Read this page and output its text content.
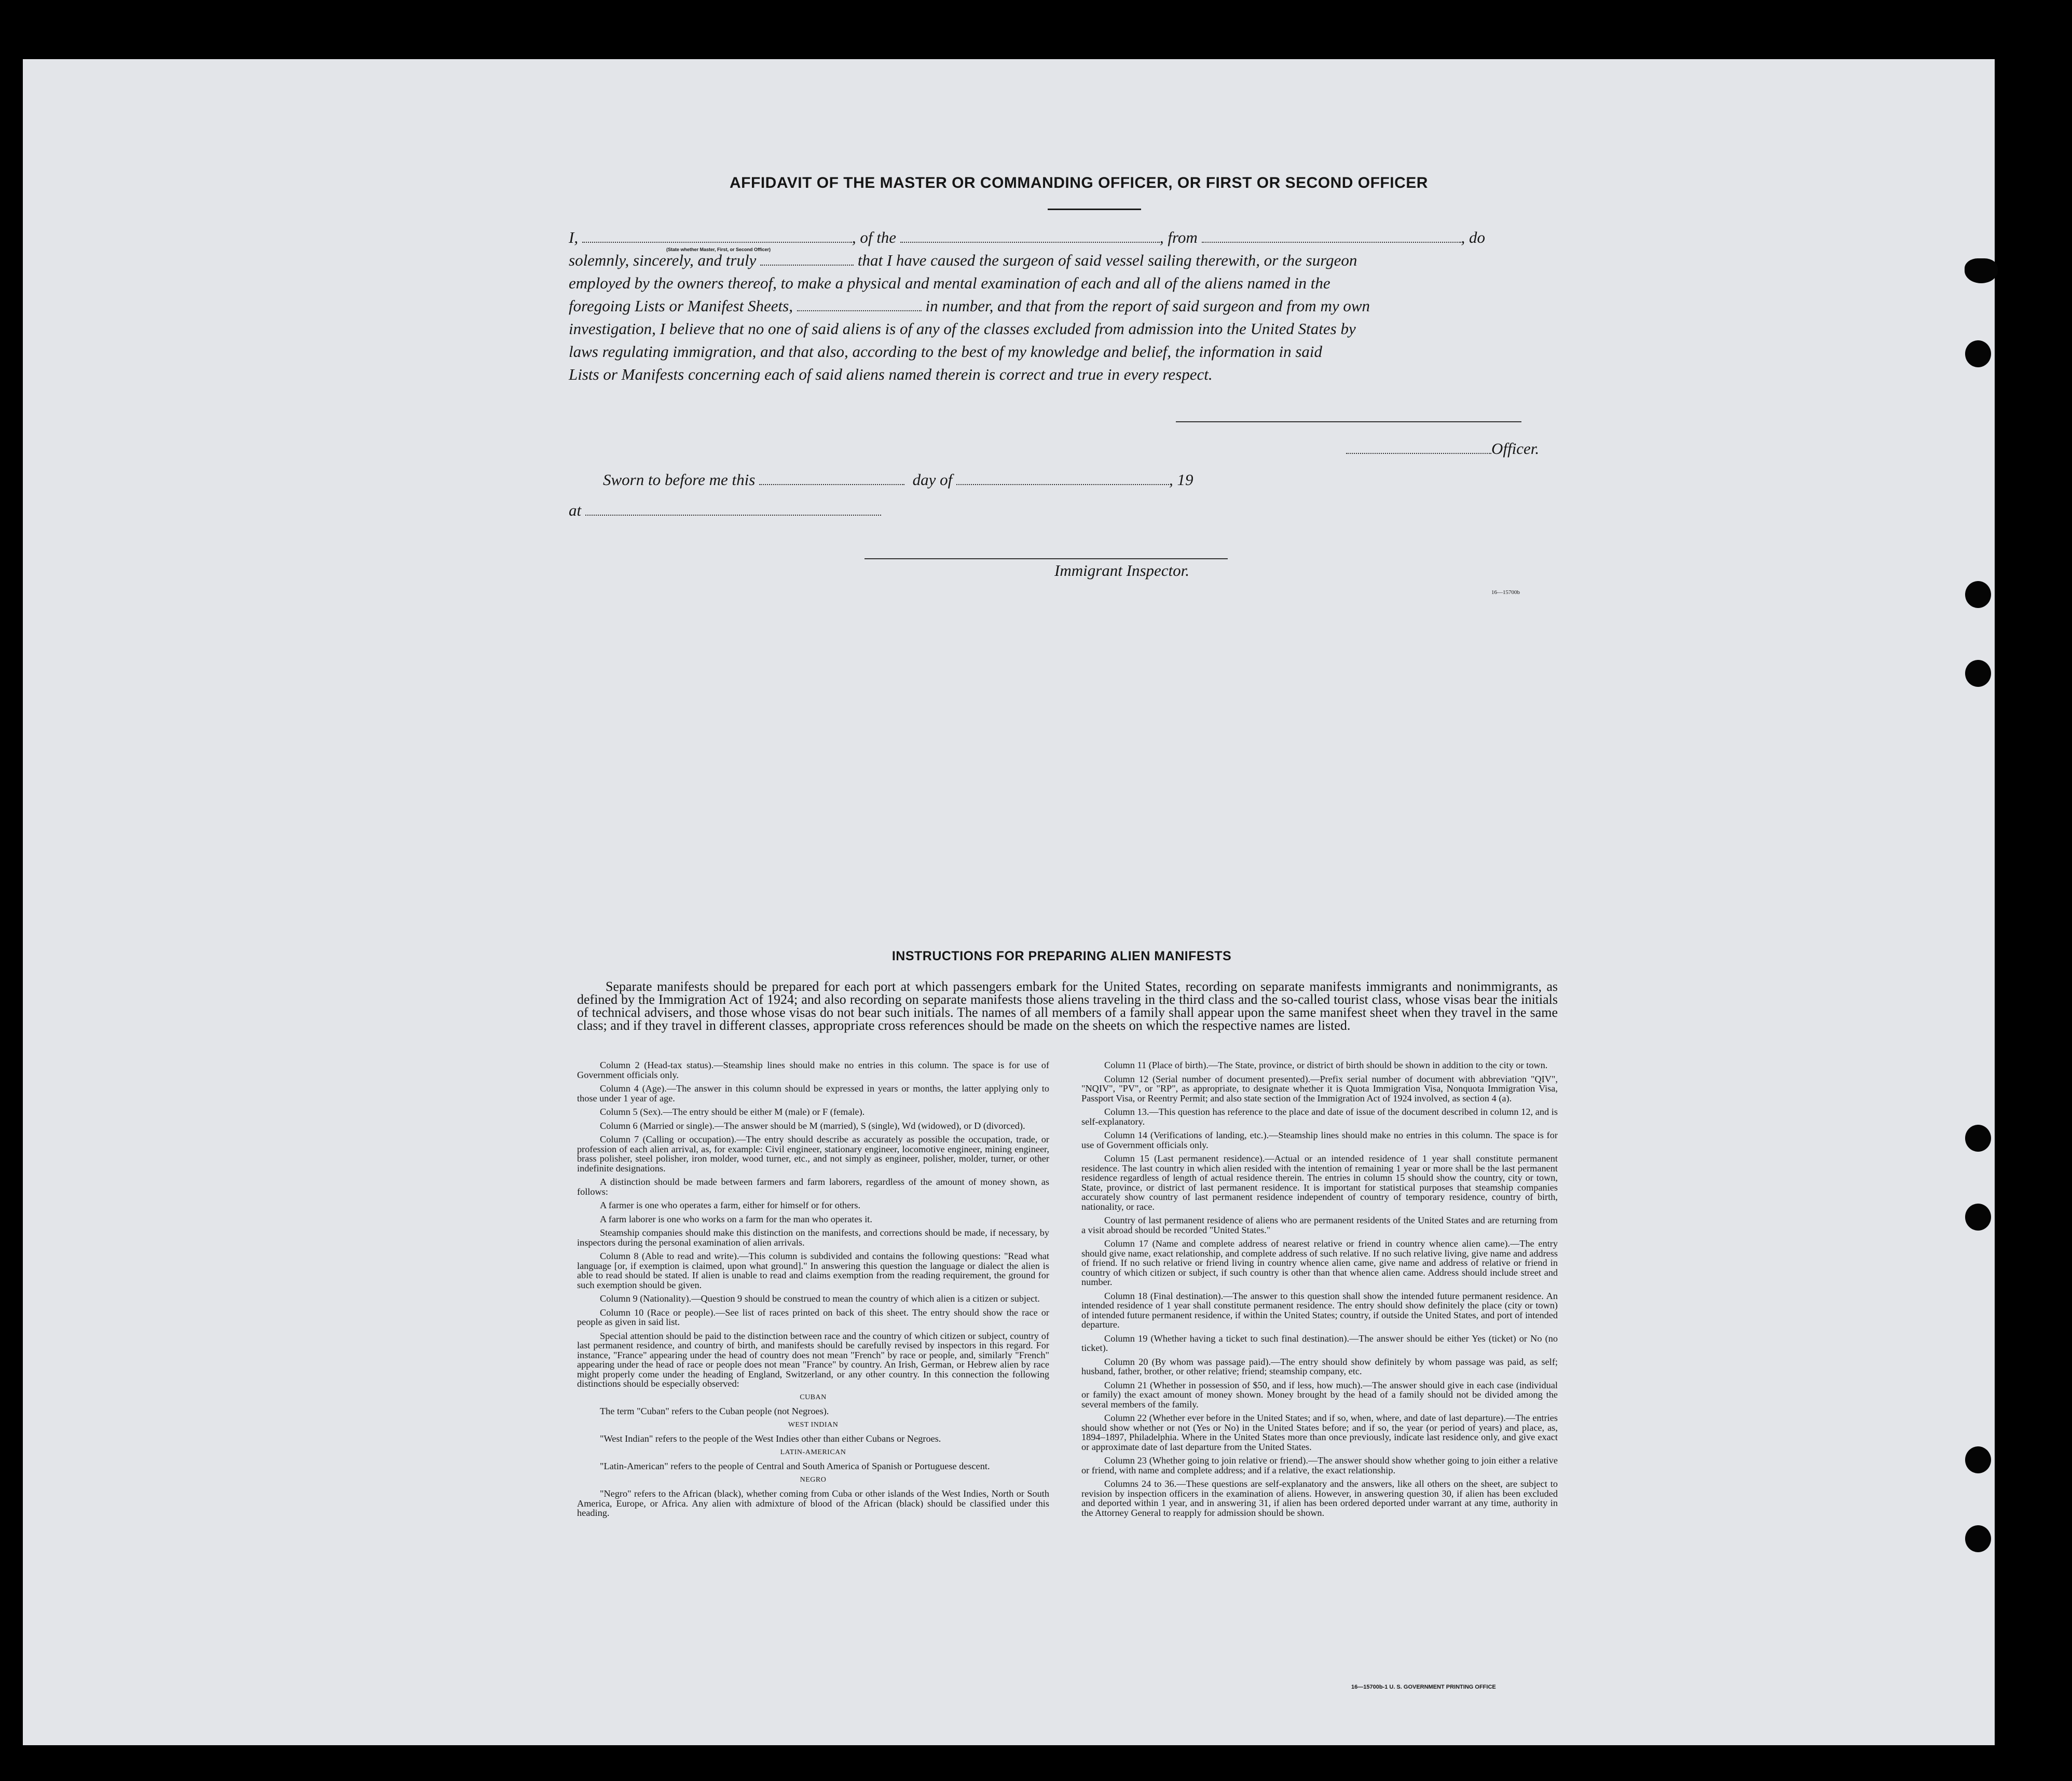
AFFIDAVIT OF THE MASTER OR COMMANDING OFFICER, OR FIRST OR SECOND OFFICER

I,	, of the	, from	, do

solemnly, sincerely, and truly	that I have caused the surgeon of said vessel sailing therewith, or the surgeon

employed by the owners thereof, to make a physical and mental examination of each and all of the aliens named in the

foregoing Lists or Manifest Sheets,	in number, and that from the report of said surgeon and from my own

investigation, I believe that no one of said aliens is of any of the classes excluded from admission into the United States by

laws regulating immigration, and that also, according to the best of my knowledge and belief, the information in said

Lists or Manifests concerning each of said aliens named therein is correct and true in every respect.

(State whether Master, First, or Second Officer)
Officer.
Sworn to before me this	day of	, 19
at
Immigrant Inspector.
16—15700b
INSTRUCTIONS FOR PREPARING ALIEN MANIFESTS
Separate manifests should be prepared for each port at which passengers embark for the United States, recording on separate manifests immigrants and nonimmigrants, as defined by the Immigration Act of 1924; and also recording on separate manifests those aliens traveling in the third class and the so-called tourist class, whose visas bear the initials of technical advisers, and those whose visas do not bear such initials. The names of all members of a family shall appear upon the same manifest sheet when they travel in the same class; and if they travel in different classes, appropriate cross references should be made on the sheets on which the respective names are listed.

Column 2 (Head-tax status).—Steamship lines should make no entries in this column. The space is for use of Government officials only.

Column 4 (Age).—The answer in this column should be expressed in years or months, the latter applying only to those under 1 year of age.

Column 5 (Sex).—The entry should be either M (male) or F (female).

Column 6 (Married or single).—The answer should be M (married), S (single), Wd (widowed), or D (divorced).

Column 7 (Calling or occupation).—The entry should describe as accurately as possible the occupation, trade, or profession of each alien arrival, as, for example: Civil engineer, stationary engineer, locomotive engineer, mining engineer, brass polisher, steel polisher, iron molder, wood turner, etc., and not simply as engineer, polisher, molder, turner, or other indefinite designations.

A distinction should be made between farmers and farm laborers, regardless of the amount of money shown, as follows:

A farmer is one who operates a farm, either for himself or for others.

A farm laborer is one who works on a farm for the man who operates it.

Steamship companies should make this distinction on the manifests, and corrections should be made, if necessary, by inspectors during the personal examination of alien arrivals.

Column 8 (Able to read and write).—This column is subdivided and contains the following questions: "Read what language [or, if exemption is claimed, upon what ground]." In answering this question the language or dialect the alien is able to read should be stated. If alien is unable to read and claims exemption from the reading requirement, the ground for such exemption should be given.

Column 9 (Nationality).—Question 9 should be construed to mean the country of which alien is a citizen or subject.

Column 10 (Race or people).—See list of races printed on back of this sheet. The entry should show the race or people as given in said list.

Special attention should be paid to the distinction between race and the country of which citizen or subject, country of last permanent residence, and country of birth, and manifests should be carefully revised by inspectors in this regard. For instance, "France" appearing under the head of country does not mean "French" by race or people, and, similarly "French" appearing under the head of race or people does not mean "France" by country. An Irish, German, or Hebrew alien by race might properly come under the heading of England, Switzerland, or any other country. In this connection the following distinctions should be especially observed:

CUBAN

The term "Cuban" refers to the Cuban people (not Negroes).

WEST INDIAN

"West Indian" refers to the people of the West Indies other than either Cubans or Negroes.

LATIN-AMERICAN

"Latin-American" refers to the people of Central and South America of Spanish or Portuguese descent.

NEGRO

"Negro" refers to the African (black), whether coming from Cuba or other islands of the West Indies, North or South America, Europe, or Africa. Any alien with admixture of blood of the African (black) should be classified under this heading.

Column 11 (Place of birth).—The State, province, or district of birth should be shown in addition to the city or town.

Column 12 (Serial number of document presented).—Prefix serial number of document with abbreviation "QIV", "NQIV", "PV", or "RP", as appropriate, to designate whether it is Quota Immigration Visa, Nonquota Immigration Visa, Passport Visa, or Reentry Permit; and also state section of the Immigration Act of 1924 involved, as section 4 (a).

Column 13.—This question has reference to the place and date of issue of the document described in column 12, and is self-explanatory.

Column 14 (Verifications of landing, etc.).—Steamship lines should make no entries in this column. The space is for use of Government officials only.

Column 15 (Last permanent residence).—Actual or an intended residence of 1 year shall constitute permanent residence. The last country in which alien resided with the intention of remaining 1 year or more shall be the last permanent residence regardless of length of actual residence therein. The entries in column 15 should show the country, city or town, State, province, or district of last permanent residence. It is important for statistical purposes that steamship companies accurately show country of last permanent residence independent of country of temporary residence, country of birth, nationality, or race.

Country of last permanent residence of aliens who are permanent residents of the United States and are returning from a visit abroad should be recorded "United States."

Column 17 (Name and complete address of nearest relative or friend in country whence alien came).—The entry should give name, exact relationship, and complete address of such relative. If no such relative living, give name and address of friend. If no such relative or friend living in country whence alien came, give name and address of relative or friend in country of which citizen or subject, if such country is other than that whence alien came. Address should include street and number.

Column 18 (Final destination).—The answer to this question shall show the intended future permanent residence. An intended residence of 1 year shall constitute permanent residence. The entry should show definitely the place (city or town) of intended future permanent residence, if within the United States; country, if outside the United States, and port of intended departure.

Column 19 (Whether having a ticket to such final destination).—The answer should be either Yes (ticket) or No (no ticket).

Column 20 (By whom was passage paid).—The entry should show definitely by whom passage was paid, as self; husband, father, brother, or other relative; friend; steamship company, etc.

Column 21 (Whether in possession of $50, and if less, how much).—The answer should give in each case (individual or family) the exact amount of money shown. Money brought by the head of a family should not be divided among the several members of the family.

Column 22 (Whether ever before in the United States; and if so, when, where, and date of last departure).—The entries should show whether or not (Yes or No) in the United States before; and if so, the year (or period of years) and place, as, 1894–1897, Philadelphia. Where in the United States more than once previously, indicate last residence only, and give exact or approximate date of last departure from the United States.

Column 23 (Whether going to join relative or friend).—The answer should show whether going to join either a relative or friend, with name and complete address; and if a relative, the exact relationship.

Columns 24 to 36.—These questions are self-explanatory and the answers, like all others on the sheet, are subject to revision by inspection officers in the examination of aliens. However, in answering question 30, if alien has been excluded and deported within 1 year, and in answering 31, if alien has been ordered deported under warrant at any time, authority in the Attorney General to reapply for admission should be shown.

16—15700b-1 U. S. GOVERNMENT PRINTING OFFICE
